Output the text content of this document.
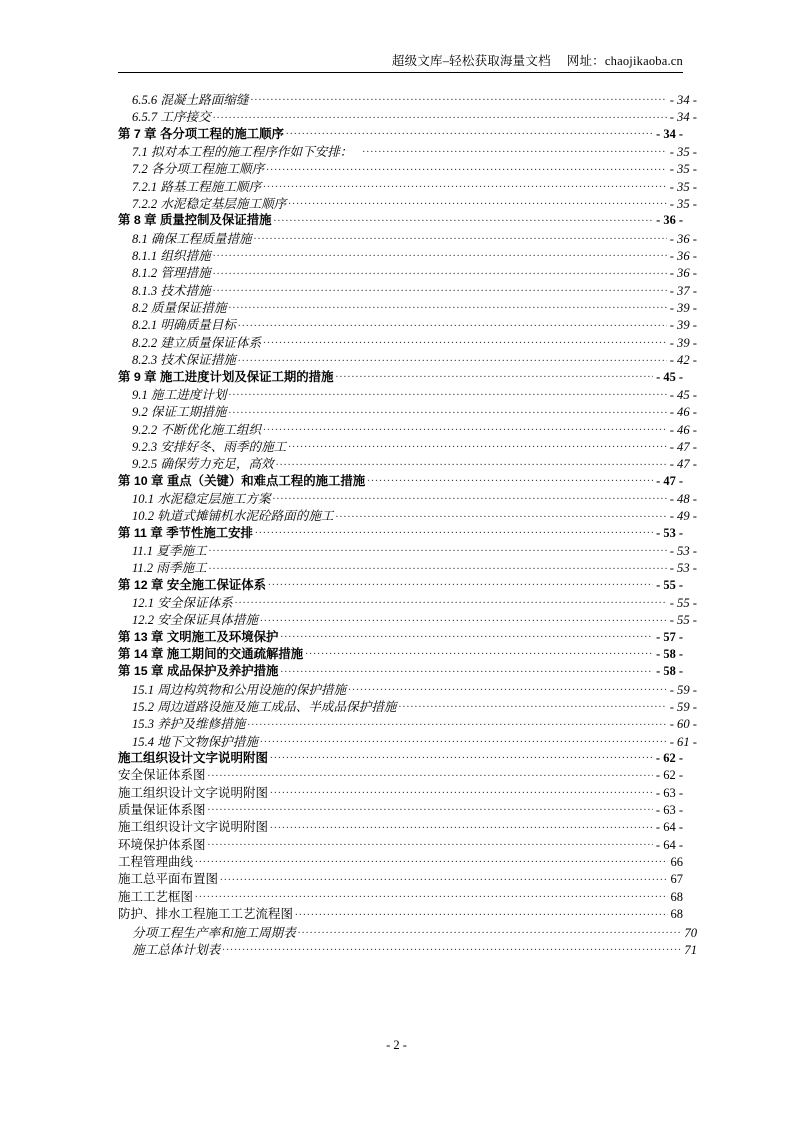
超级文库–轻松获取海量文档 网址：chaojikaoba.cn
6.5.6 混凝土路面缩缝 .....	- 34 -
6.5.7 工序接交 .....	- 34 -
第 7 章 各分项工程的施工顺序 .....	- 34 -
7.1 拟对本工程的施工程序作如下安排： .....	- 35 -
7.2 各分项工程施工顺序 .....	- 35 -
7.2.1 路基工程施工顺序 .....	- 35 -
7.2.2 水泥稳定基层施工顺序 .....	- 35 -
第 8 章 质量控制及保证措施 .....	- 36 -
8.1 确保工程质量措施 .....	- 36 -
8.1.1 组织措施 .....	- 36 -
8.1.2 管理措施 .....	- 36 -
8.1.3 技术措施 .....	- 37 -
8.2 质量保证措施 .....	- 39 -
8.2.1 明确质量目标 .....	- 39 -
8.2.2 建立质量保证体系 .....	- 39 -
8.2.3 技术保证措施 .....	- 42 -
第 9 章 施工进度计划及保证工期的措施 .....	- 45 -
9.1 施工进度计划 .....	- 45 -
9.2 保证工期措施 .....	- 46 -
9.2.2 不断优化施工组织 .....	- 46 -
9.2.3 安排好冬、雨季的施工 .....	- 47 -
9.2.5 确保劳力充足，高效 .....	- 47 -
第 10 章 重点（关键）和难点工程的施工措施 .....	- 47 -
10.1 水泥稳定层施工方案 .....	- 48 -
10.2 轨道式摊铺机水泥砼路面的施工 .....	- 49 -
第 11 章 季节性施工安排 .....	- 53 -
11.1 夏季施工 .....	- 53 -
11.2 雨季施工 .....	- 53 -
第 12 章 安全施工保证体系 .....	- 55 -
12.1 安全保证体系 .....	- 55 -
12.2 安全保证具体措施 .....	- 55 -
第 13 章 文明施工及环境保护 .....	- 57 -
第 14 章 施工期间的交通疏解措施 .....	- 58 -
第 15 章 成品保护及养护措施 .....	- 58 -
15.1 周边构筑物和公用设施的保护措施 .....	- 59 -
15.2 周边道路设施及施工成品、半成品保护措施 .....	- 59 -
15.3 养护及维修措施 .....	- 60 -
15.4 地下文物保护措施 .....	- 61 -
施工组织设计文字说明附图 .....	- 62 -
安全保证体系图 .....	- 62 -
施工组织设计文字说明附图 .....	- 63 -
质量保证体系图 .....	- 63 -
施工组织设计文字说明附图 .....	- 64 -
环境保护体系图 .....	- 64 -
工程管理曲线 .....	66
施工总平面布置图 .....	67
施工工艺框图 .....	68
防护、排水工程施工工艺流程图 .....	68
分项工程生产率和施工周期表 .....	70
施工总体计划表 .....	71
- 2 -
